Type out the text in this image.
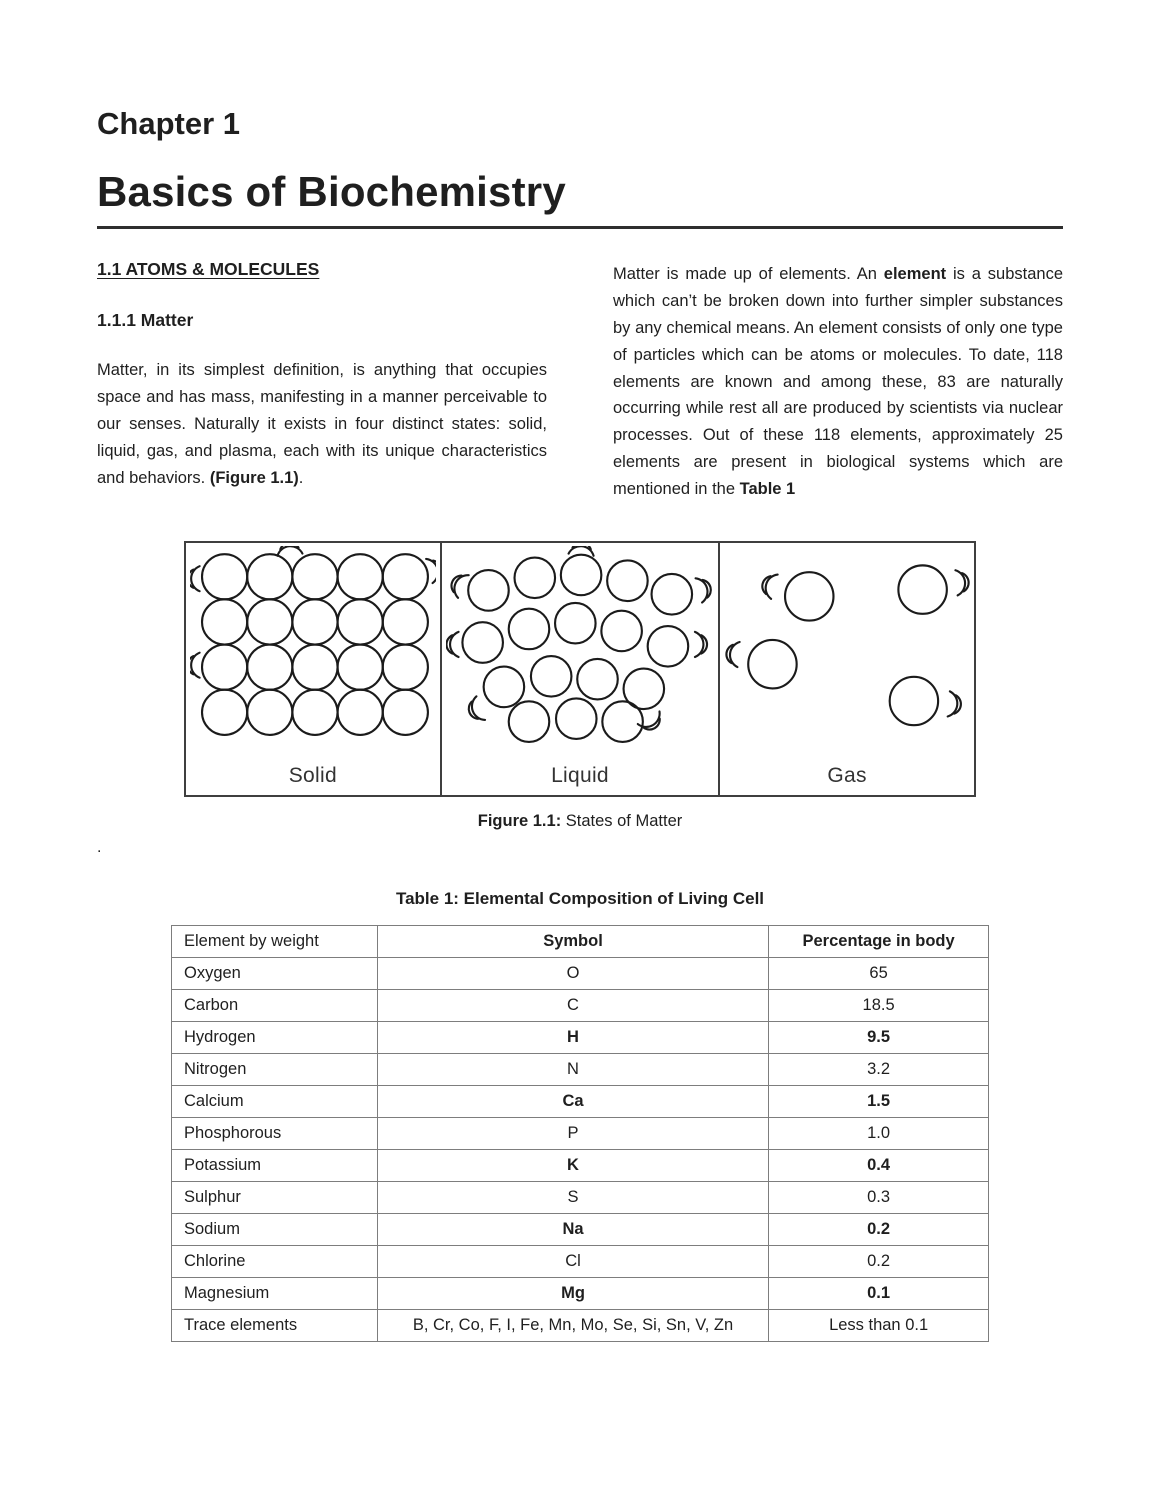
Chapter 1
Basics of Biochemistry
1.1 ATOMS & MOLECULES
1.1.1 Matter

Matter, in its simplest definition, is anything that occupies space and has mass, manifesting in a manner perceivable to our senses. Naturally it exists in four distinct states: solid, liquid, gas, and plasma, each with its unique characteristics and behaviors. (Figure 1.1).

Matter is made up of elements. An element is a substance which can’t be broken down into further simpler substances by any chemical means. An element consists of only one type of particles which can be atoms or molecules. To date, 118 elements are known and among these, 83 are naturally occurring while rest all are produced by scientists via nuclear processes. Out of these 118 elements, approximately 25 elements are present in biological systems which are mentioned in the Table 1

Solid	Liquid	Gas
Figure 1.1: States of Matter
.
Table 1: Elemental Composition of Living Cell
Element by weight	Symbol	Percentage in body
Oxygen	O	65
Carbon	C	18.5
Hydrogen	H	9.5
Nitrogen	N	3.2
Calcium	Ca	1.5
Phosphorous	P	1.0
Potassium	K	0.4
Sulphur	S	0.3
Sodium	Na	0.2
Chlorine	Cl	0.2
Magnesium	Mg	0.1
Trace elements	B, Cr, Co, F, I, Fe, Mn, Mo, Se, Si, Sn, V, Zn	Less than 0.1
